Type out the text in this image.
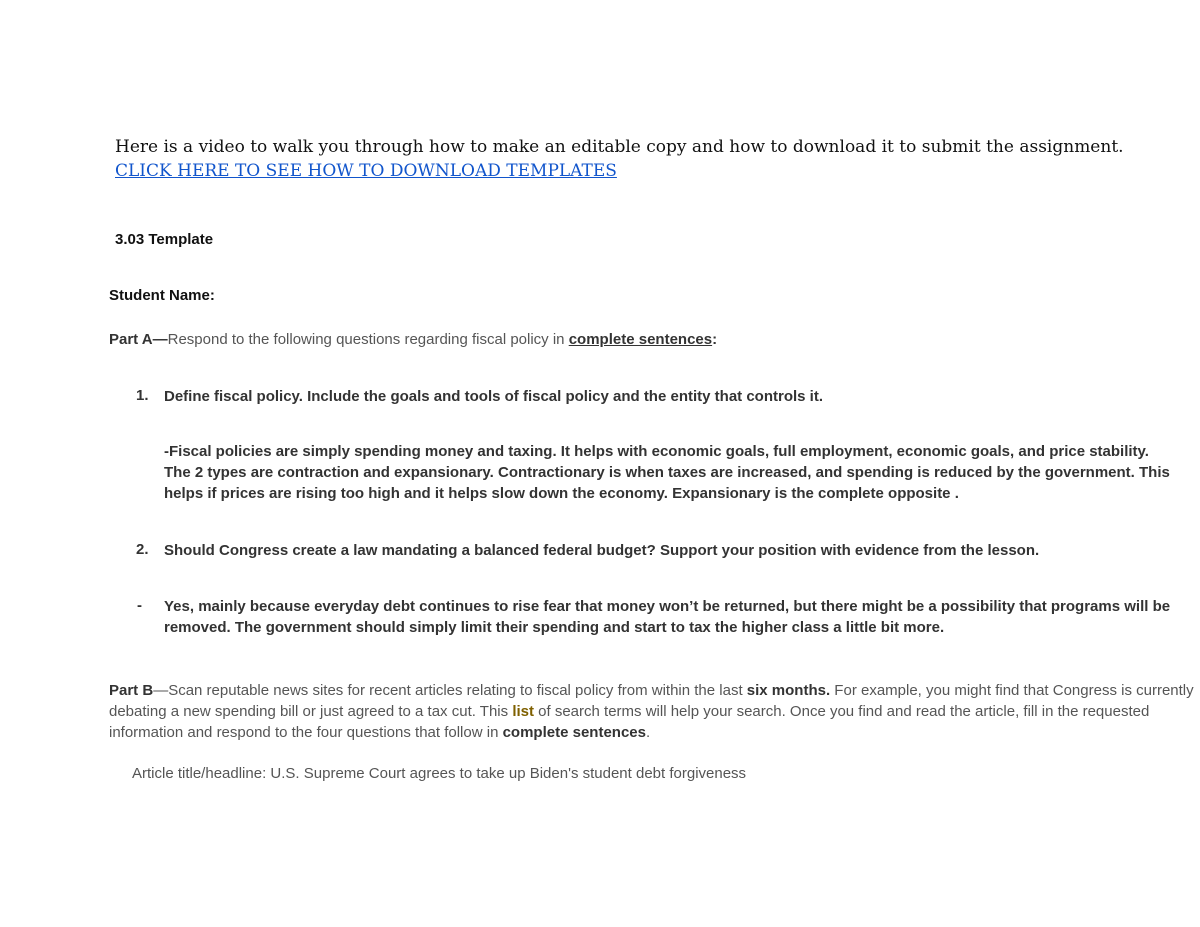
Here is a video to walk you through how to make an editable copy and how to download it to submit the assignment.     CLICK HERE TO SEE HOW TO DOWNLOAD TEMPLATES
3.03 Template
Student Name:
Part A—Respond to the following questions regarding fiscal policy in complete sentences:
1. Define fiscal policy. Include the goals and tools of fiscal policy and the entity that controls it.
-Fiscal policies are simply spending money and taxing. It helps with economic goals, full employment, economic goals, and price stability. The 2 types are contraction and expansionary. Contractionary is when taxes are increased, and spending is reduced by the government. This helps if prices are rising too high and it helps slow down the economy. Expansionary is the complete opposite .
2. Should Congress create a law mandating a balanced federal budget? Support your position with evidence from the lesson.
- Yes, mainly because everyday debt continues to rise fear that money won’t be returned, but there might be a possibility that programs will be removed. The government should simply limit their spending and start to tax the higher class a little bit more.
Part B—Scan reputable news sites for recent articles relating to fiscal policy from within the last six months. For example, you might find that Congress is currently debating a new spending bill or just agreed to a tax cut. This list of search terms will help your search. Once you find and read the article, fill in the requested information and respond to the four questions that follow in complete sentences.
Article title/headline: U.S. Supreme Court agrees to take up Biden's student debt forgiveness
